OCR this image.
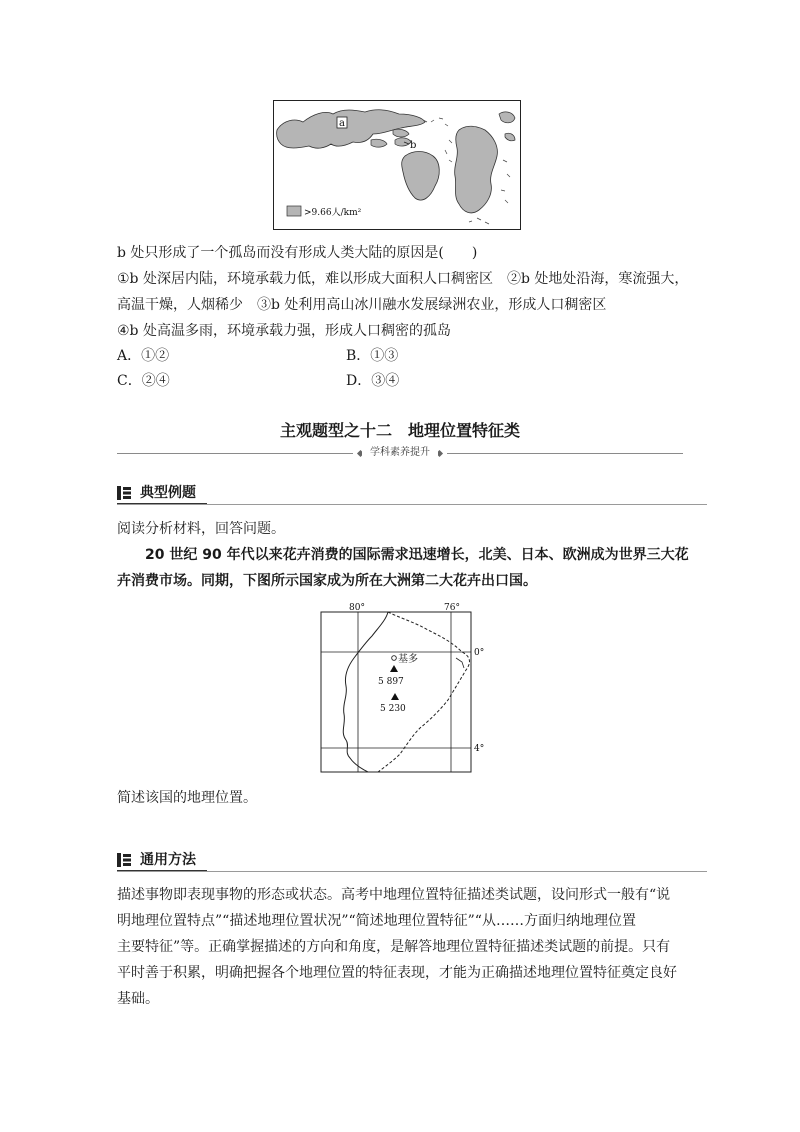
a
b
>9.66人/km²
b 处只形成了一个孤岛而没有形成人类大陆的原因是(　　)
①b 处深居内陆，环境承载力低，难以形成大面积人口稠密区　②b 处地处沿海，寒流强大，
高温干燥，人烟稀少　③b 处利用高山冰川融水发展绿洲农业，形成人口稠密区
④b 处高温多雨，环境承载力强，形成人口稠密的孤岛
A．①②	B．①③
C．②④	D．③④
主观题型之十二　地理位置特征类
学科素养提升
典型例题
阅读分析材料，回答问题。
20 世纪 90 年代以来花卉消费的国际需求迅速增长，北美、日本、欧洲成为世界三大花
卉消费市场。同期，下图所示国家成为所在大洲第二大花卉出口国。
基多
5 897
5 230
80°	76°
0°
4°
简述该国的地理位置。
通用方法
描述事物即表现事物的形态或状态。高考中地理位置特征描述类试题，设问形式一般有“说
明地理位置特点”“描述地理位置状况”“简述地理位置特征”“从……方面归纳地理位置
主要特征”等。正确掌握描述的方向和角度，是解答地理位置特征描述类试题的前提。只有
平时善于积累，明确把握各个地理位置的特征表现，才能为正确描述地理位置特征奠定良好
基础。
